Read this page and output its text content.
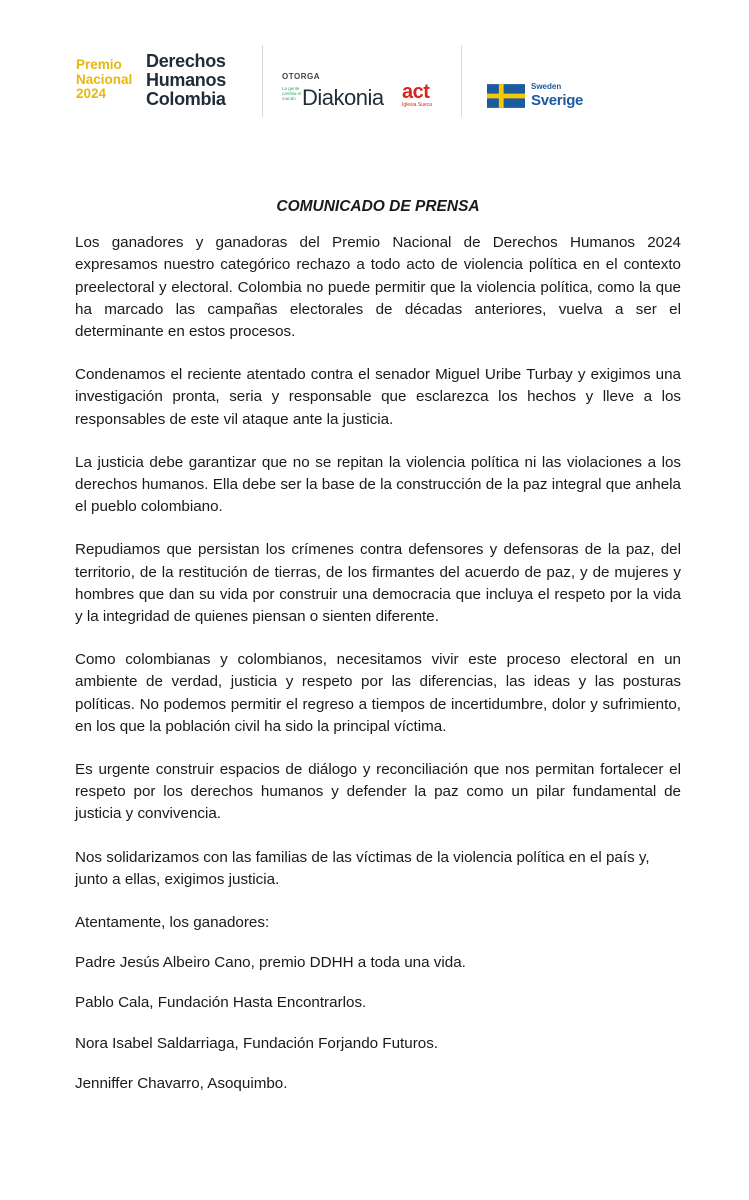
Premio
Nacional
2024
Derechos
Humanos
Colombia
OTORGA
La gente cambia el mundo Diakonia act
Iglesia Sueca
Sweden
Sverige

COMUNICADO DE PRENSA

Los ganadores y ganadoras del Premio Nacional de Derechos Humanos 2024 expresamos nuestro categórico rechazo a todo acto de violencia política en el contexto preelectoral y electoral. Colombia no puede permitir que la violencia política, como la que ha marcado las campañas electorales de décadas anteriores, vuelva a ser el determinante en estos procesos.

Condenamos el reciente atentado contra el senador Miguel Uribe Turbay y exigimos una investigación pronta, seria y responsable que esclarezca los hechos y lleve a los responsables de este vil ataque ante la justicia.

La justicia debe garantizar que no se repitan la violencia política ni las violaciones a los derechos humanos. Ella debe ser la base de la construcción de la paz integral que anhela el pueblo colombiano.

Repudiamos que persistan los crímenes contra defensores y defensoras de la paz, del territorio, de la restitución de tierras, de los firmantes del acuerdo de paz, y de mujeres y hombres que dan su vida por construir una democracia que incluya el respeto por la vida y la integridad de quienes piensan o sienten diferente.

Como colombianas y colombianos, necesitamos vivir este proceso electoral en un ambiente de verdad, justicia y respeto por las diferencias, las ideas y las posturas políticas. No podemos permitir el regreso a tiempos de incertidumbre, dolor y sufrimiento, en los que la población civil ha sido la principal víctima.

Es urgente construir espacios de diálogo y reconciliación que nos permitan fortalecer el respeto por los derechos humanos y defender la paz como un pilar fundamental de justicia y convivencia.

Nos solidarizamos con las familias de las víctimas de la violencia política en el país y, junto a ellas, exigimos justicia.

Atentamente, los ganadores:

Padre Jesús Albeiro Cano, premio DDHH a toda una vida.

Pablo Cala, Fundación Hasta Encontrarlos.

Nora Isabel Saldarriaga, Fundación Forjando Futuros.

Jenniffer Chavarro, Asoquimbo.
